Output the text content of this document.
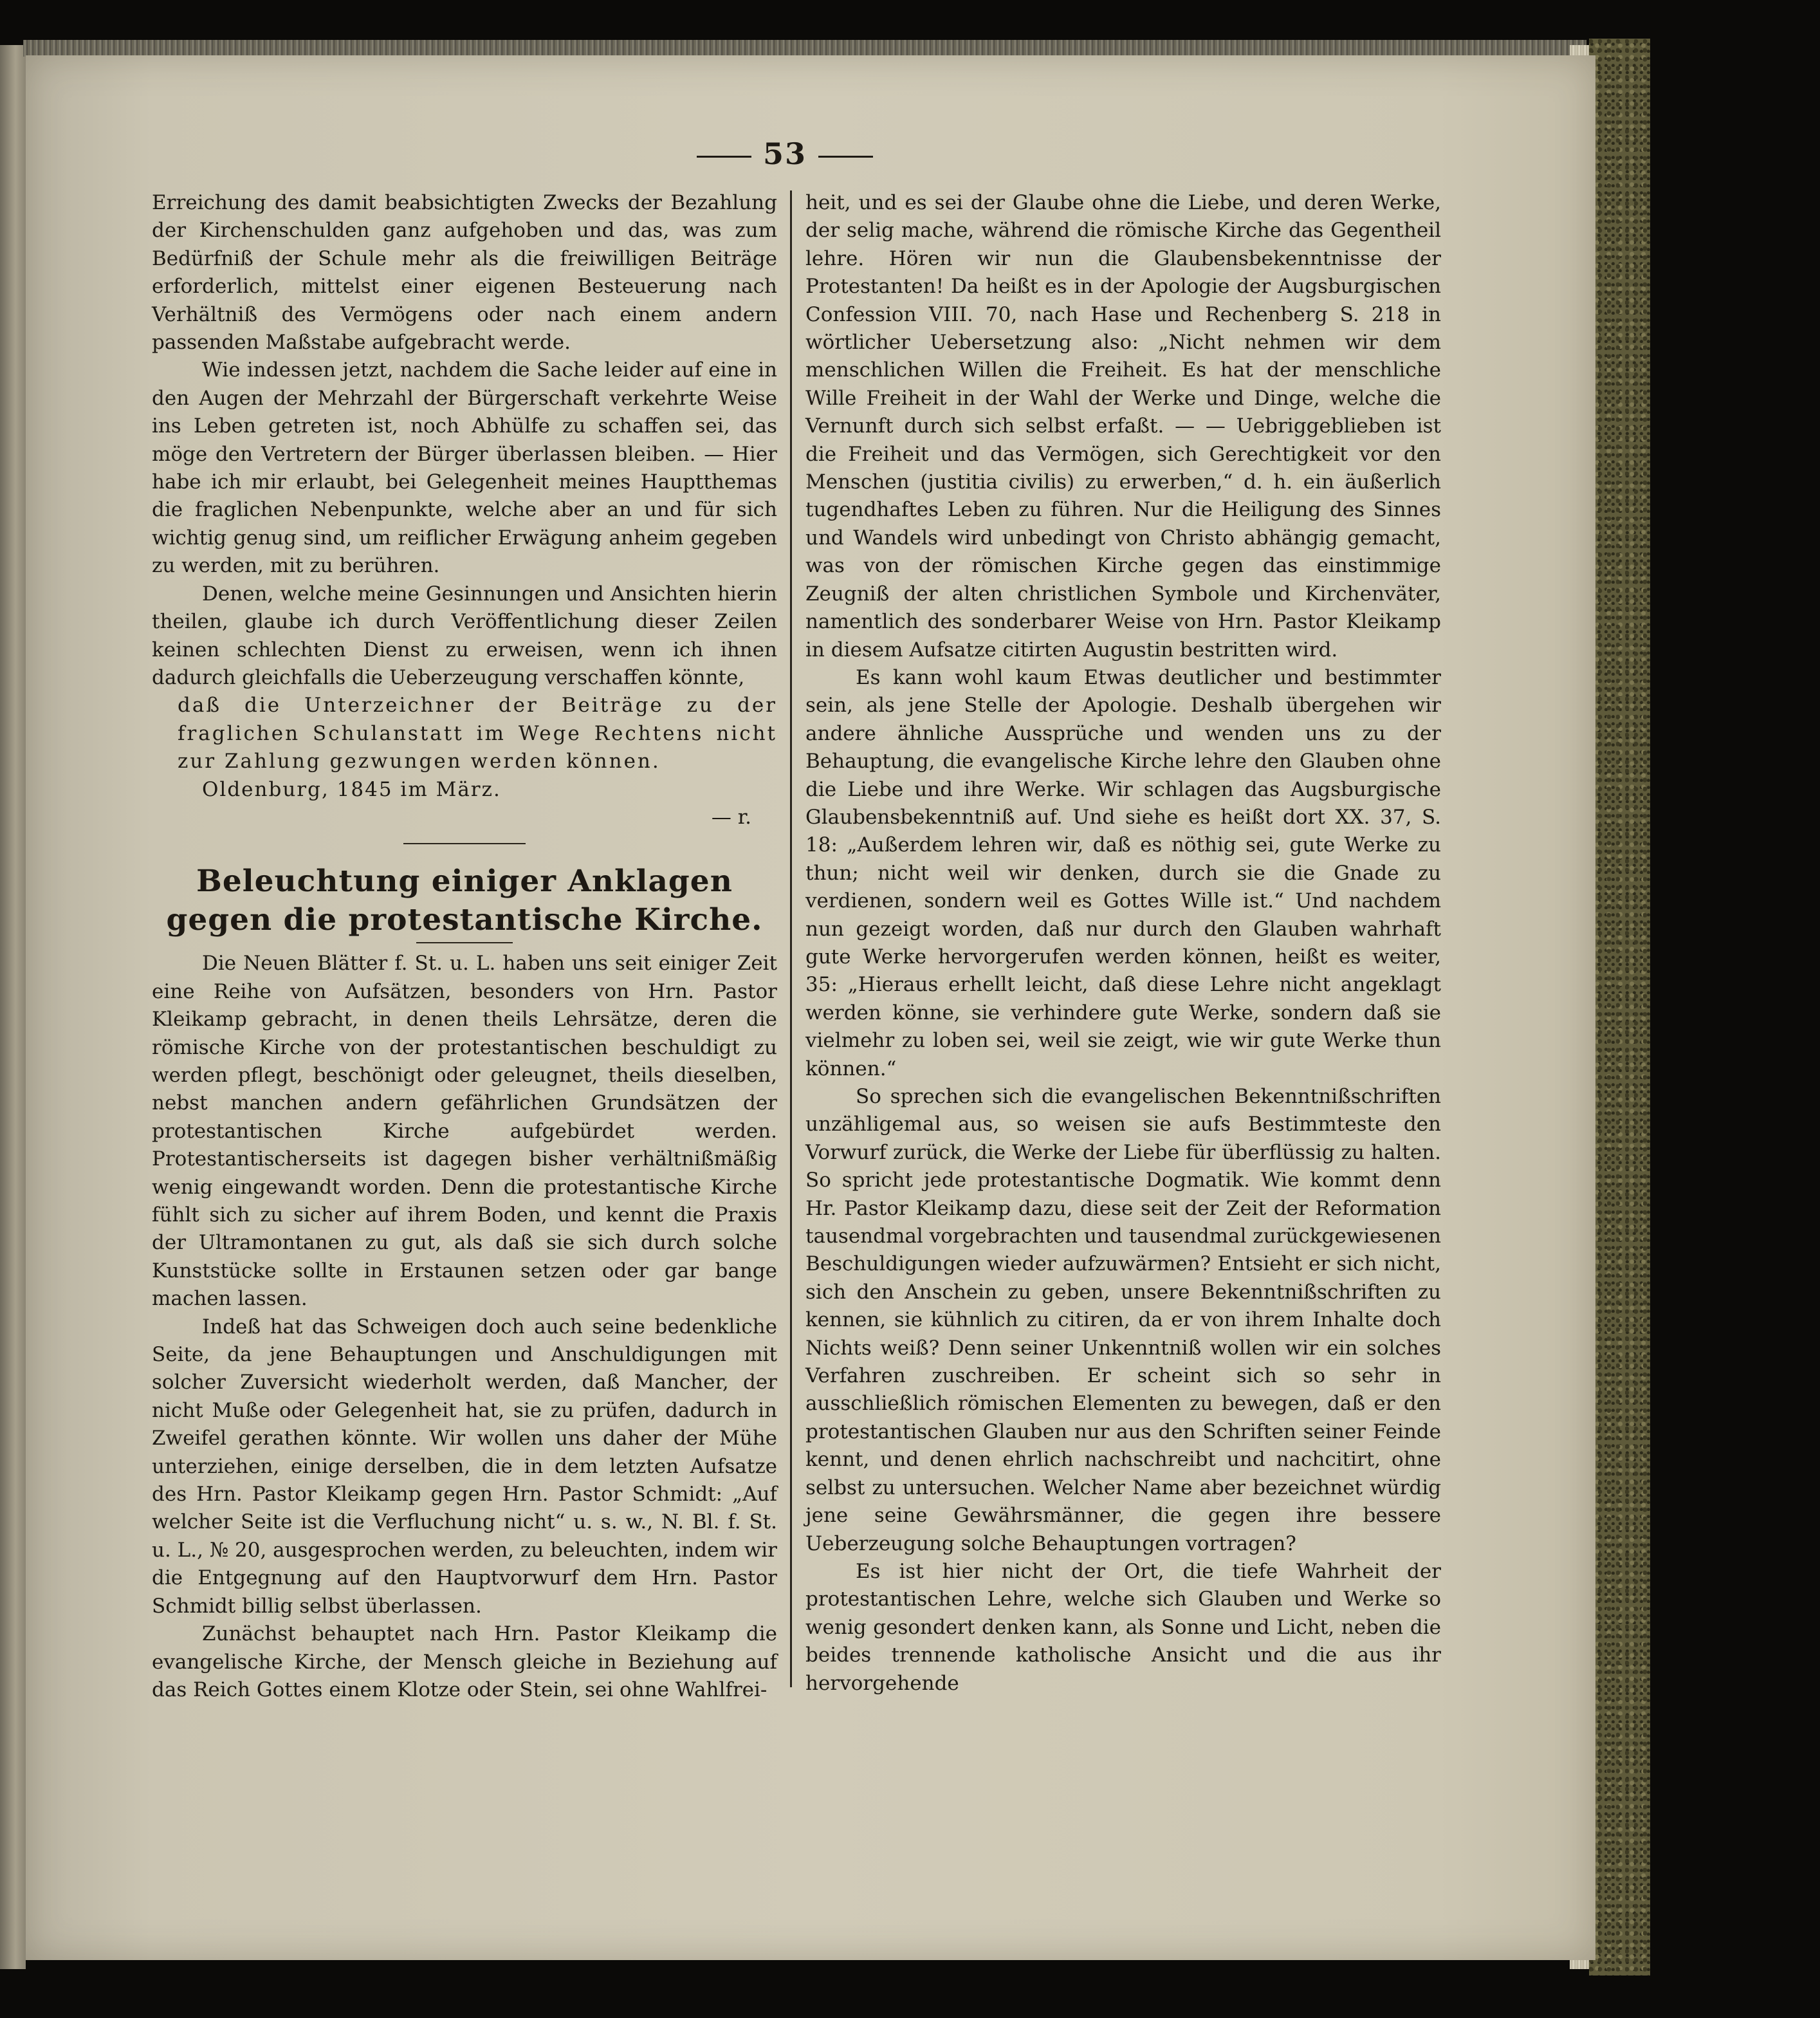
53

Erreichung des damit beabsichtigten Zwecks der Bezahlung der Kirchenschulden ganz aufgehoben und das, was zum Bedürfniß der Schule mehr als die freiwilligen Beiträge erforderlich, mittelst einer eigenen Besteuerung nach Verhältniß des Vermögens oder nach einem andern passenden Maßstabe aufgebracht werde.

Wie indessen jetzt, nachdem die Sache leider auf eine in den Augen der Mehrzahl der Bürgerschaft verkehrte Weise ins Leben getreten ist, noch Abhülfe zu schaffen sei, das möge den Vertretern der Bürger überlassen bleiben. — Hier habe ich mir erlaubt, bei Gelegenheit meines Hauptthemas die fraglichen Nebenpunkte, welche aber an und für sich wichtig genug sind, um reiflicher Erwägung anheim gegeben zu werden, mit zu berühren.

Denen, welche meine Gesinnungen und Ansichten hierin theilen, glaube ich durch Veröffentlichung dieser Zeilen keinen schlechten Dienst zu erweisen, wenn ich ihnen dadurch gleichfalls die Ueberzeugung verschaffen könnte,

daß die Unterzeichner der Beiträge zu der fraglichen Schulanstatt im Wege Rechtens nicht zur Zahlung gezwungen werden können.

Oldenburg, 1845 im März.

— r.

Beleuchtung einiger Anklagen gegen die protestantische Kirche.

Die Neuen Blätter f. St. u. L. haben uns seit einiger Zeit eine Reihe von Aufsätzen, besonders von Hrn. Pastor Kleikamp gebracht, in denen theils Lehrsätze, deren die römische Kirche von der protestantischen beschuldigt zu werden pflegt, beschönigt oder geleugnet, theils dieselben, nebst manchen andern gefährlichen Grundsätzen der protestantischen Kirche aufgebürdet werden. Protestantischerseits ist dagegen bisher verhältnißmäßig wenig eingewandt worden. Denn die protestantische Kirche fühlt sich zu sicher auf ihrem Boden, und kennt die Praxis der Ultramontanen zu gut, als daß sie sich durch solche Kunststücke sollte in Erstaunen setzen oder gar bange machen lassen.

Indeß hat das Schweigen doch auch seine bedenkliche Seite, da jene Behauptungen und Anschuldigungen mit solcher Zuversicht wiederholt werden, daß Mancher, der nicht Muße oder Gelegenheit hat, sie zu prüfen, dadurch in Zweifel gerathen könnte. Wir wollen uns daher der Mühe unterziehen, einige derselben, die in dem letzten Aufsatze des Hrn. Pastor Kleikamp gegen Hrn. Pastor Schmidt: „Auf welcher Seite ist die Verfluchung nicht“ u. s. w., N. Bl. f. St. u. L., № 20, ausgesprochen werden, zu beleuchten, indem wir die Entgegnung auf den Hauptvorwurf dem Hrn. Pastor Schmidt billig selbst überlassen.

Zunächst behauptet nach Hrn. Pastor Kleikamp die evangelische Kirche, der Mensch gleiche in Beziehung auf das Reich Gottes einem Klotze oder Stein, sei ohne Wahlfrei-

heit, und es sei der Glaube ohne die Liebe, und deren Werke, der selig mache, während die römische Kirche das Gegentheil lehre. Hören wir nun die Glaubensbekenntnisse der Protestanten! Da heißt es in der Apologie der Augsburgischen Confession VIII. 70, nach Hase und Rechenberg S. 218 in wörtlicher Uebersetzung also: „Nicht nehmen wir dem menschlichen Willen die Freiheit. Es hat der menschliche Wille Freiheit in der Wahl der Werke und Dinge, welche die Vernunft durch sich selbst erfaßt. — — Uebriggeblieben ist die Freiheit und das Vermögen, sich Gerechtigkeit vor den Menschen (justitia civilis) zu erwerben,“ d. h. ein äußerlich tugendhaftes Leben zu führen. Nur die Heiligung des Sinnes und Wandels wird unbedingt von Christo abhängig gemacht, was von der römischen Kirche gegen das einstimmige Zeugniß der alten christlichen Symbole und Kirchenväter, namentlich des sonderbarer Weise von Hrn. Pastor Kleikamp in diesem Aufsatze citirten Augustin bestritten wird.

Es kann wohl kaum Etwas deutlicher und bestimmter sein, als jene Stelle der Apologie. Deshalb übergehen wir andere ähnliche Aussprüche und wenden uns zu der Behauptung, die evangelische Kirche lehre den Glauben ohne die Liebe und ihre Werke. Wir schlagen das Augsburgische Glaubensbekenntniß auf. Und siehe es heißt dort XX. 37, S. 18: „Außerdem lehren wir, daß es nöthig sei, gute Werke zu thun; nicht weil wir denken, durch sie die Gnade zu verdienen, sondern weil es Gottes Wille ist.“ Und nachdem nun gezeigt worden, daß nur durch den Glauben wahrhaft gute Werke hervorgerufen werden können, heißt es weiter, 35: „Hieraus erhellt leicht, daß diese Lehre nicht angeklagt werden könne, sie verhindere gute Werke, sondern daß sie vielmehr zu loben sei, weil sie zeigt, wie wir gute Werke thun können.“

So sprechen sich die evangelischen Bekenntnißschriften unzähligemal aus, so weisen sie aufs Bestimmteste den Vorwurf zurück, die Werke der Liebe für überflüssig zu halten. So spricht jede protestantische Dogmatik. Wie kommt denn Hr. Pastor Kleikamp dazu, diese seit der Zeit der Reformation tausendmal vorgebrachten und tausendmal zurückgewiesenen Beschuldigungen wieder aufzuwärmen? Entsieht er sich nicht, sich den Anschein zu geben, unsere Bekenntnißschriften zu kennen, sie kühnlich zu citiren, da er von ihrem Inhalte doch Nichts weiß? Denn seiner Unkenntniß wollen wir ein solches Verfahren zuschreiben. Er scheint sich so sehr in ausschließlich römischen Elementen zu bewegen, daß er den protestantischen Glauben nur aus den Schriften seiner Feinde kennt, und denen ehrlich nachschreibt und nachcitirt, ohne selbst zu untersuchen. Welcher Name aber bezeichnet würdig jene seine Gewährsmänner, die gegen ihre bessere Ueberzeugung solche Behauptungen vortragen?

Es ist hier nicht der Ort, die tiefe Wahrheit der protestantischen Lehre, welche sich Glauben und Werke so wenig gesondert denken kann, als Sonne und Licht, neben die beides trennende katholische Ansicht und die aus ihr hervorgehende
